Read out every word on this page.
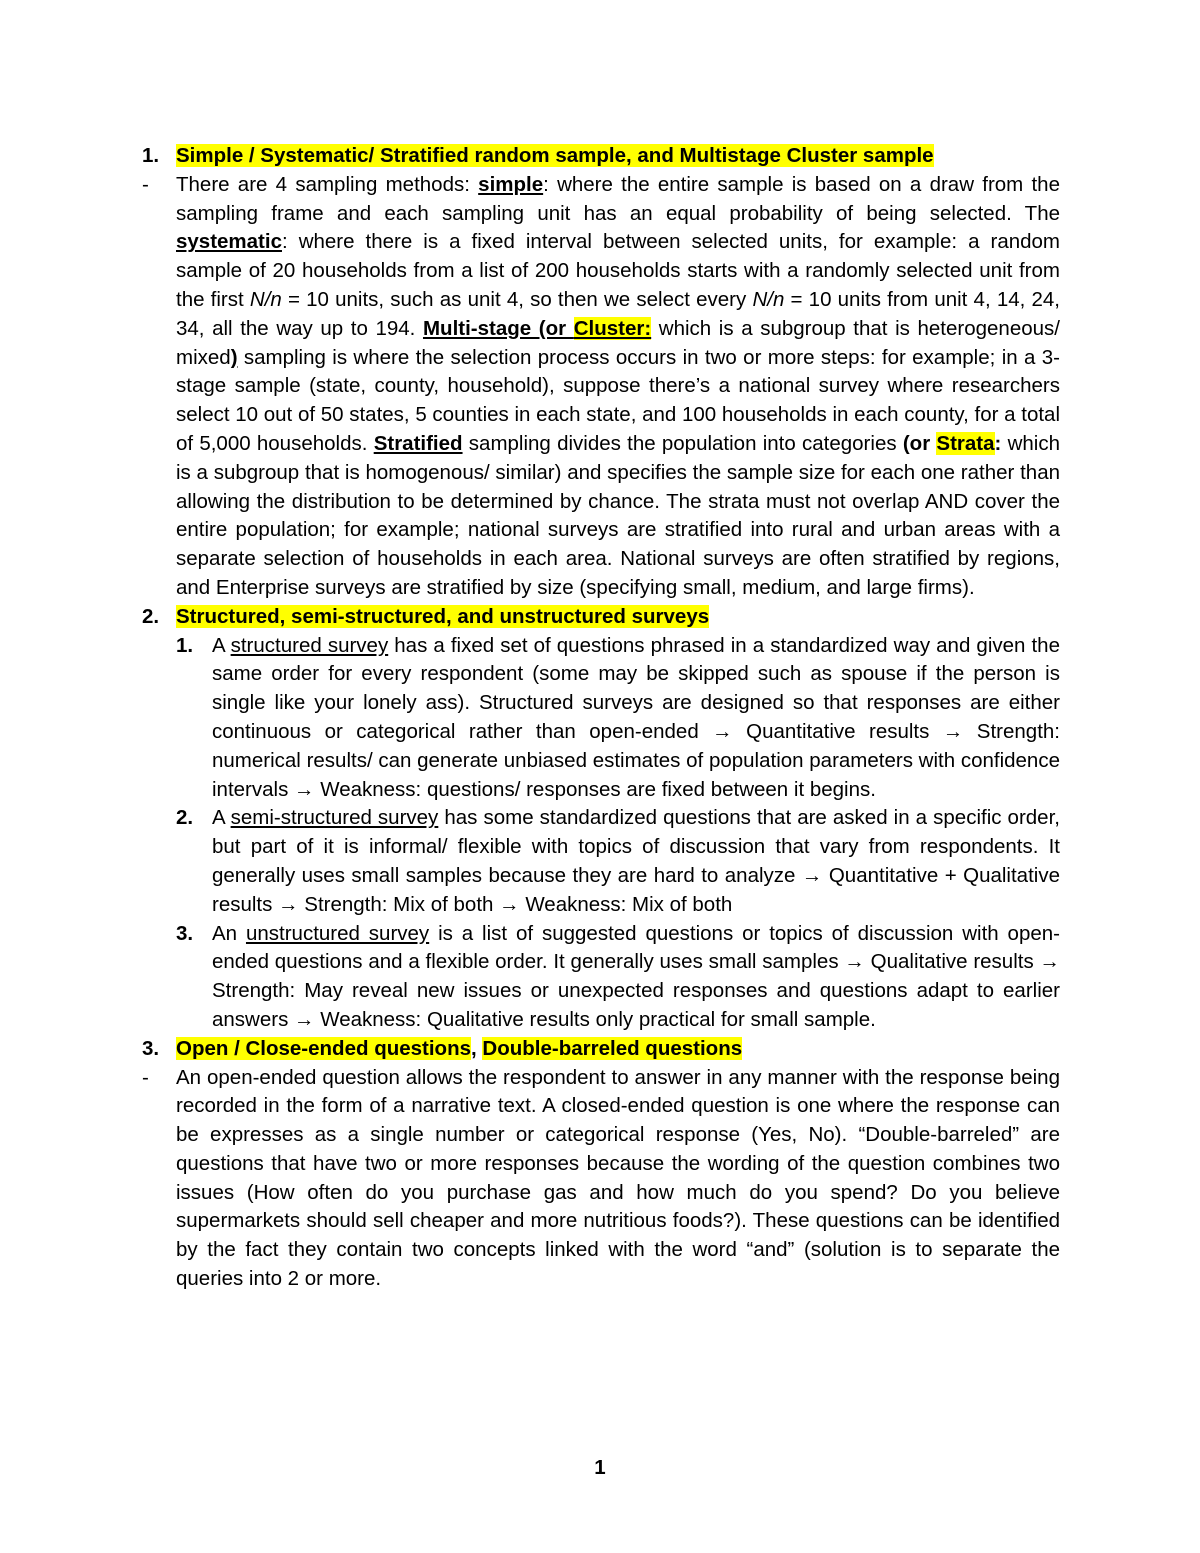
1. Simple / Systematic/ Stratified random sample, and Multistage Cluster sample
- There are 4 sampling methods: simple: where the entire sample is based on a draw from the sampling frame and each sampling unit has an equal probability of being selected. The systematic: where there is a fixed interval between selected units, for example: a random sample of 20 households from a list of 200 households starts with a randomly selected unit from the first N/n = 10 units, such as unit 4, so then we select every N/n = 10 units from unit 4, 14, 24, 34, all the way up to 194. Multi-stage (or Cluster: which is a subgroup that is heterogeneous/ mixed) sampling is where the selection process occurs in two or more steps: for example; in a 3-stage sample (state, county, household), suppose there’s a national survey where researchers select 10 out of 50 states, 5 counties in each state, and 100 households in each county, for a total of 5,000 households. Stratified sampling divides the population into categories (or Strata: which is a subgroup that is homogenous/ similar) and specifies the sample size for each one rather than allowing the distribution to be determined by chance. The strata must not overlap AND cover the entire population; for example; national surveys are stratified into rural and urban areas with a separate selection of households in each area. National surveys are often stratified by regions, and Enterprise surveys are stratified by size (specifying small, medium, and large firms).
2. Structured, semi-structured, and unstructured surveys
1. A structured survey has a fixed set of questions phrased in a standardized way and given the same order for every respondent (some may be skipped such as spouse if the person is single like your lonely ass). Structured surveys are designed so that responses are either continuous or categorical rather than open-ended → Quantitative results → Strength: numerical results/ can generate unbiased estimates of population parameters with confidence intervals → Weakness: questions/ responses are fixed between it begins.
2. A semi-structured survey has some standardized questions that are asked in a specific order, but part of it is informal/ flexible with topics of discussion that vary from respondents. It generally uses small samples because they are hard to analyze → Quantitative + Qualitative results → Strength: Mix of both → Weakness: Mix of both
3. An unstructured survey is a list of suggested questions or topics of discussion with open-ended questions and a flexible order. It generally uses small samples → Qualitative results → Strength: May reveal new issues or unexpected responses and questions adapt to earlier answers → Weakness: Qualitative results only practical for small sample.
3. Open / Close-ended questions, Double-barreled questions
- An open-ended question allows the respondent to answer in any manner with the response being recorded in the form of a narrative text. A closed-ended question is one where the response can be expresses as a single number or categorical response (Yes, No). “Double-barreled” are questions that have two or more responses because the wording of the question combines two issues (How often do you purchase gas and how much do you spend? Do you believe supermarkets should sell cheaper and more nutritious foods?). These questions can be identified by the fact they contain two concepts linked with the word “and” (solution is to separate the queries into 2 or more.
1
